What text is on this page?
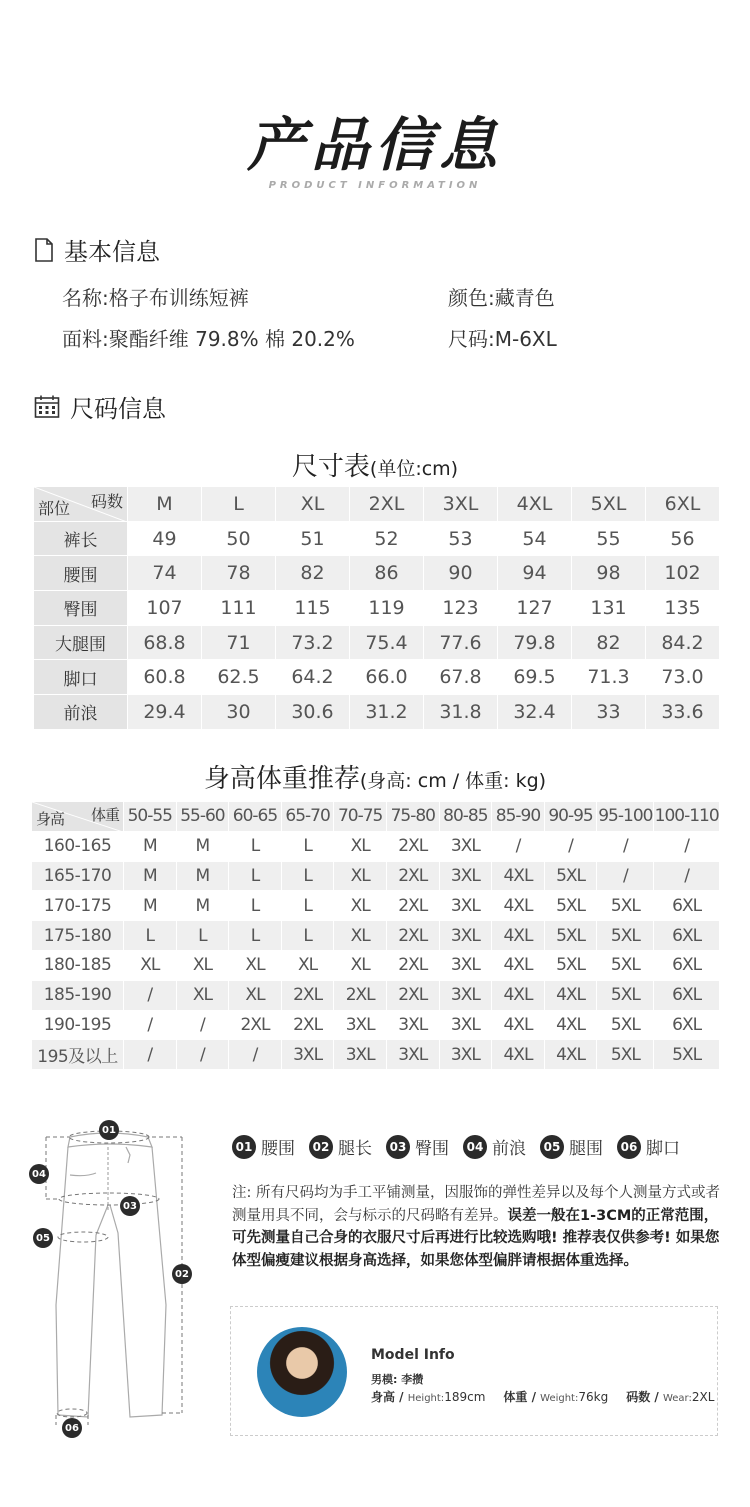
产品信息
PRODUCT INFORMATION
基本信息
名称:格子布训练短裤	颜色:藏青色
面料:聚酯纤维 79.8% 棉 20.2%	尺码:M-6XL
尺码信息
尺寸表(单位:cm)
码数
部位	M	L	XL	2XL	3XL	4XL	5XL	6XL
裤长	49	50	51	52	53	54	55	56
腰围	74	78	82	86	90	94	98	102
臀围	107	111	115	119	123	127	131	135
大腿围	68.8	71	73.2	75.4	77.6	79.8	82	84.2
脚口	60.8	62.5	64.2	66.0	67.8	69.5	71.3	73.0
前浪	29.4	30	30.6	31.2	31.8	32.4	33	33.6
身高体重推荐(身高: cm / 体重: kg)
体重
身高	50-55	55-60	60-65	65-70	70-75	75-80	80-85	85-90	90-95	95-100	100-110
160-165	M	M	L	L	XL	2XL	3XL	/	/	/	/
165-170	M	M	L	L	XL	2XL	3XL	4XL	5XL	/	/
170-175	M	M	L	L	XL	2XL	3XL	4XL	5XL	5XL	6XL
175-180	L	L	L	L	XL	2XL	3XL	4XL	5XL	5XL	6XL
180-185	XL	XL	XL	XL	XL	2XL	3XL	4XL	5XL	5XL	6XL
185-190	/	XL	XL	2XL	2XL	2XL	3XL	4XL	4XL	5XL	6XL
190-195	/	/	2XL	2XL	3XL	3XL	3XL	4XL	4XL	5XL	6XL
195及以上	/	/	/	3XL	3XL	3XL	3XL	4XL	4XL	5XL	5XL
01
04
03
05
02
06
01 腰围	02 腿长	03 臀围	04 前浪	05 腿围	06 脚口
注: 所有尺码均为手工平铺测量，因服饰的弹性差异以及每个人测量方式或者测量用具不同，会与标示的尺码略有差异。误差一般在1-3CM的正常范围，可先测量自己合身的衣服尺寸后再进行比较选购哦! 推荐表仅供参考! 如果您体型偏瘦建议根据身高选择，如果您体型偏胖请根据体重选择。
Model Info
男模: 李攒
身高 / Height:189cm 体重 / Weight:76kg 码数 / Wear:2XL
